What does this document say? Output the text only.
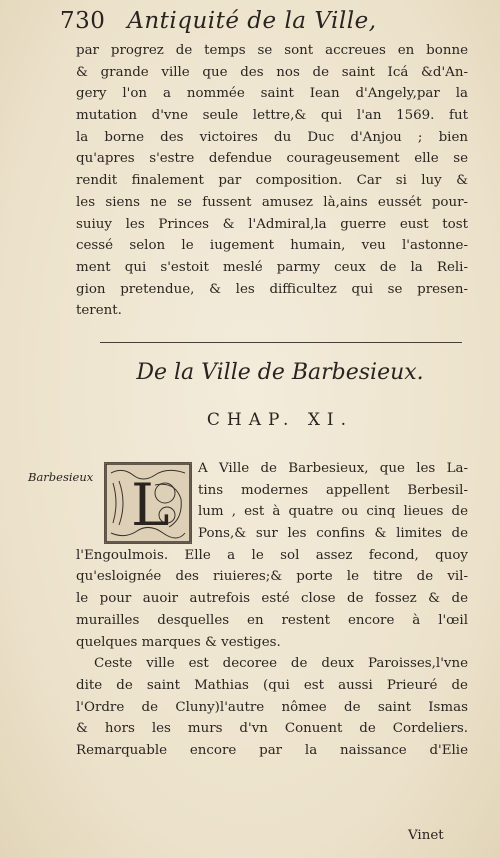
730 Antiquité de la Ville,
par progrez de temps se sont accreues en bonne
& grande ville que des nos de saint Icá &d'An-
gery l'on a nommée saint Iean d'Angely,par la
mutation d'vne seule lettre,& qui l'an 1569. fut
la borne des victoires du Duc d'Anjou ; bien
qu'apres s'estre defendue courageusement elle se
rendit finalement par composition. Car si luy &
les siens ne se fussent amusez là,ains eussét pour-
suiuy les Princes & l'Admiral,la guerre eust tost
cessé selon le iugement humain, veu l'astonne-
ment qui s'estoit meslé parmy ceux de la Reli-
gion pretendue, & les difficultez qui se presen-
terent.
De la Ville de Barbesieux.
CHAP. XI.
Barbesieux L
A Ville de Barbesieux, que les La-
tins modernes appellent Berbesil-
lum , est à quatre ou cinq lieues de
Pons,& sur les confins & limites de
l'Engoulmois. Elle a le sol assez fecond, quoy
qu'esloignée des riuieres;& porte le titre de vil-
le pour auoir autrefois esté close de fossez & de
murailles desquelles en restent encore à l'œil
quelques marques & vestiges.
Ceste ville est decoree de deux Paroisses,l'vne
dite de saint Mathias (qui est aussi Prieuré de
l'Ordre de Cluny)l'autre nômee de saint Ismas
& hors les murs d'vn Conuent de Cordeliers.
Remarquable encore par la naissance d'Elie
Vinet
